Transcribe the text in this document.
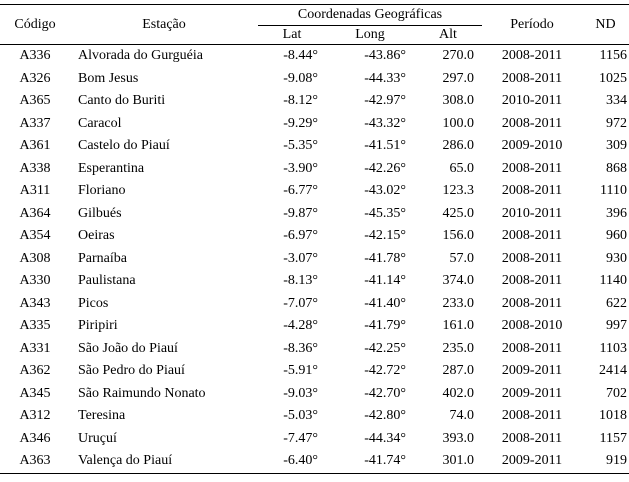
Código	Estação	Coordenadas Geográficas			Período	ND
		Lat	Long	Alt		
A336	Alvorada do Gurguéia	-8.44°	-43.86°	270.0	2008-2011	1156
A326	Bom Jesus	-9.08°	-44.33°	297.0	2008-2011	1025
A365	Canto do Buriti	-8.12°	-42.97°	308.0	2010-2011	334
A337	Caracol	-9.29°	-43.32°	100.0	2008-2011	972
A361	Castelo do Piauí	-5.35°	-41.51°	286.0	2009-2010	309
A338	Esperantina	-3.90°	-42.26°	65.0	2008-2011	868
A311	Floriano	-6.77°	-43.02°	123.3	2008-2011	1110
A364	Gilbués	-9.87°	-45.35°	425.0	2010-2011	396
A354	Oeiras	-6.97°	-42.15°	156.0	2008-2011	960
A308	Parnaíba	-3.07°	-41.78°	57.0	2008-2011	930
A330	Paulistana	-8.13°	-41.14°	374.0	2008-2011	1140
A343	Picos	-7.07°	-41.40°	233.0	2008-2011	622
A335	Piripiri	-4.28°	-41.79°	161.0	2008-2010	997
A331	São João do Piauí	-8.36°	-42.25°	235.0	2008-2011	1103
A362	São Pedro do Piauí	-5.91°	-42.72°	287.0	2009-2011	2414
A345	São Raimundo Nonato	-9.03°	-42.70°	402.0	2009-2011	702
A312	Teresina	-5.03°	-42.80°	74.0	2008-2011	1018
A346	Uruçuí	-7.47°	-44.34°	393.0	2008-2011	1157
A363	Valença do Piauí	-6.40°	-41.74°	301.0	2009-2011	919
